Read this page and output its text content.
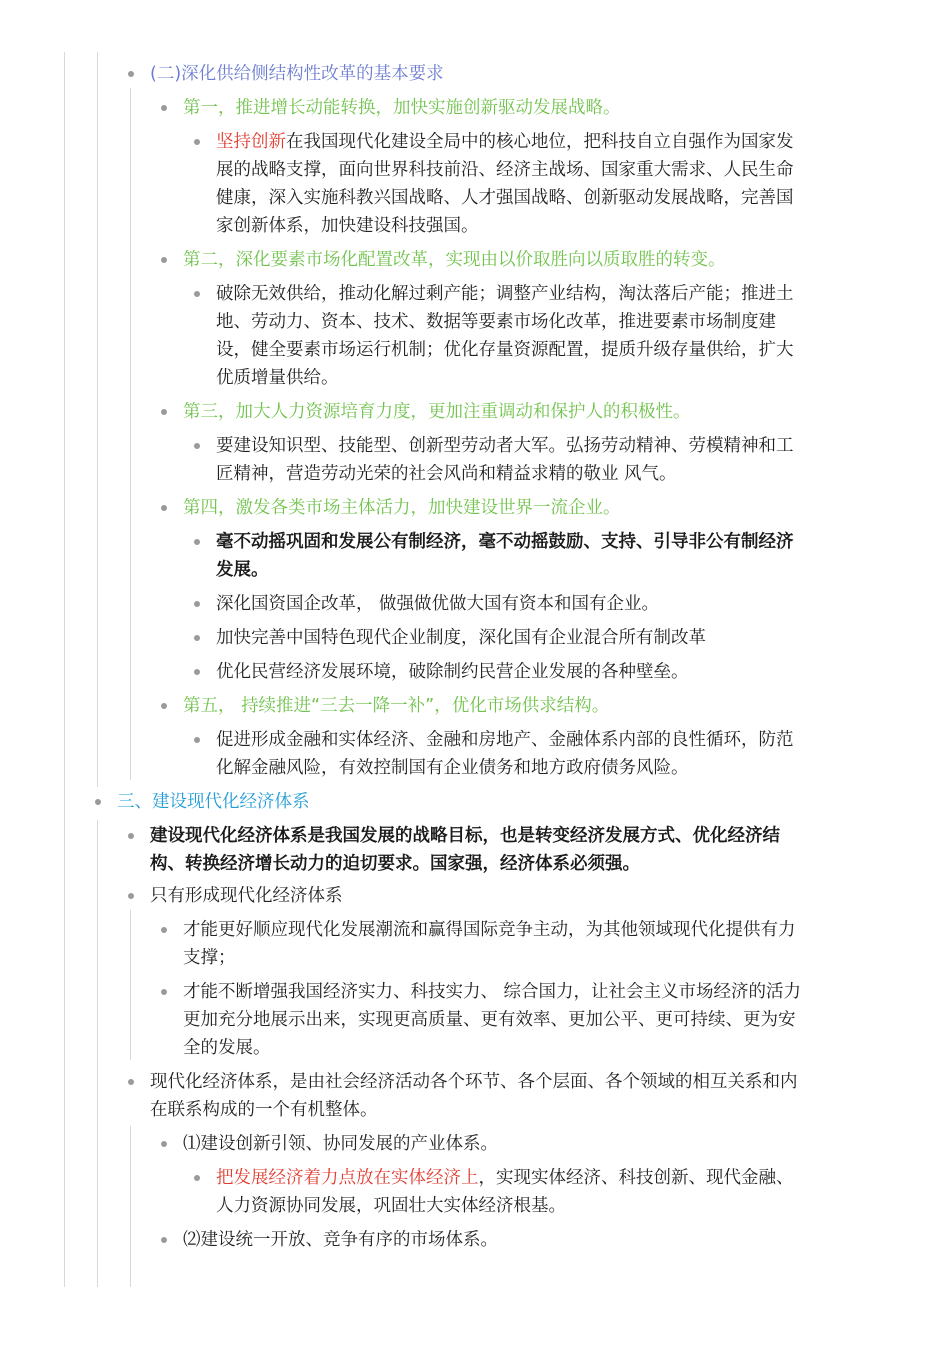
(二)深化供给侧结构性改革的基本要求

第一，推进增长动能转换，加快实施创新驱动发展战略。

坚持创新在我国现代化建设全局中的核心地位，把科技自立自强作为国家发展的战略支撑，面向世界科技前沿、经济主战场、国家重大需求、人民生命健康，深入实施科教兴国战略、人才强国战略、创新驱动发展战略，完善国家创新体系，加快建设科技强国。

第二，深化要素市场化配置改革，实现由以价取胜向以质取胜的转变。

破除无效供给，推动化解过剩产能；调整产业结构，淘汰落后产能；推进土地、劳动力、资本、技术、数据等要素市场化改革，推进要素市场制度建设，健全要素市场运行机制；优化存量资源配置，提质升级存量供给，扩大优质增量供给。

第三，加大人力资源培育力度，更加注重调动和保护人的积极性。

要建设知识型、技能型、创新型劳动者大军。弘扬劳动精神、劳模精神和工匠精神，营造劳动光荣的社会风尚和精益求精的敬业 风气。

第四，激发各类市场主体活力，加快建设世界一流企业。

毫不动摇巩固和发展公有制经济，毫不动摇鼓励、支持、引导非公有制经济发展。

深化国资国企改革， 做强做优做大国有资本和国有企业。

加快完善中国特色现代企业制度，深化国有企业混合所有制改革

优化民营经济发展环境，破除制约民营企业发展的各种壁垒。

第五， 持续推进“三去一降一补”，优化市场供求结构。

促进形成金融和实体经济、金融和房地产、金融体系内部的良性循环，防范化解金融风险，有效控制国有企业债务和地方政府债务风险。

三、建设现代化经济体系

建设现代化经济体系是我国发展的战略目标，也是转变经济发展方式、优化经济结构、转换经济增长动力的迫切要求。国家强，经济体系必须强。

只有形成现代化经济体系

才能更好顺应现代化发展潮流和赢得国际竞争主动，为其他领域现代化提供有力支撑；

才能不断增强我国经济实力、科技实力、 综合国力，让社会主义市场经济的活力更加充分地展示出来，实现更高质量、更有效率、更加公平、更可持续、更为安全的发展。

现代化经济体系，是由社会经济活动各个环节、各个层面、各个领域的相互关系和内在联系构成的一个有机整体。

⑴建设创新引领、协同发展的产业体系。

把发展经济着力点放在实体经济上，实现实体经济、科技创新、现代金融、人力资源协同发展，巩固壮大实体经济根基。

⑵建设统一开放、竞争有序的市场体系。
